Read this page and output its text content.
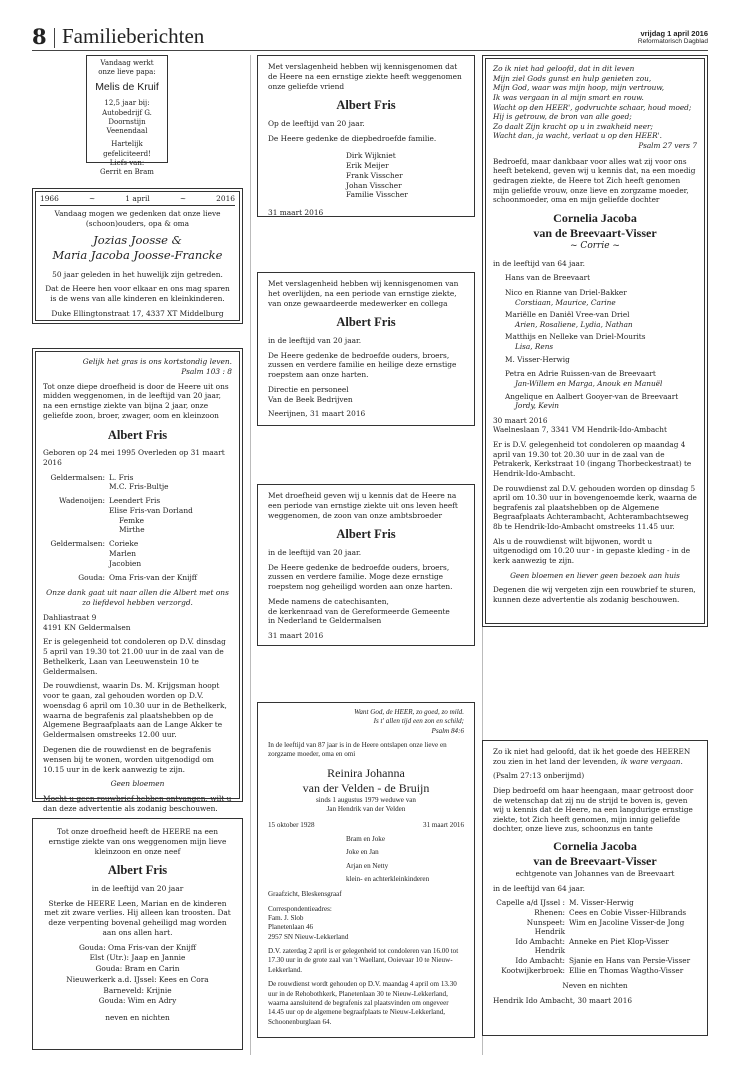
8 Familieberichten	vrijdag 1 april 2016
Reformatorisch Dagblad
Vandaag werkt
onze lieve papa:
Melis de Kruif
12,5 jaar bij:
Autobedrijf G. Doornstijn
Veenendaal
Hartelijk gefeliciteerd!
Liefs van:
Gerrit en Bram
1966	~	1 april	~	2016

Vandaag mogen we gedenken dat onze lieve (schoon)ouders, opa & oma

Jozias Joosse &
Maria Jacoba Joosse-Francke

50 jaar geleden in het huwelijk zijn getreden.

Dat de Heere hen voor elkaar en ons mag sparen is de wens van alle kinderen en kleinkinderen.

Duke Ellingtonstraat 17, 4337 XT Middelburg
Gelijk het gras is ons kortstondig leven.
Psalm 103 : 8

Tot onze diepe droefheid is door de Heere uit ons midden weggenomen, in de leeftijd van 20 jaar, na een ernstige ziekte van bijna 2 jaar, onze geliefde zoon, broer, zwager, oom en kleinzoon

Albert Fris

Geboren op 24 mei 1995 Overleden op 31 maart 2016

Geldermalsen: L. Fris
M.C. Fris-Bultje
Wadenoijen: Leendert Fris
Elise Fris-van Dorland
Femke
Mirthe
Geldermalsen: Corieke
Marlen
Jacobien
Gouda: Oma Fris-van der Knijff

Onze dank gaat uit naar allen die Albert met ons zo liefdevol hebben verzorgd.

Dahliastraat 9

4191 KN Geldermalsen

Er is gelegenheid tot condoleren op D.V. dinsdag 5 april van 19.30 tot 21.00 uur in de zaal van de Bethelkerk, Laan van Leeuwenstein 10 te Geldermalsen.

De rouwdienst, waarin Ds. M. Krijgsman hoopt voor te gaan, zal gehouden worden op D.V. woensdag 6 april om 10.30 uur in de Bethelkerk, waarna de begrafenis zal plaatshebben op de Algemene Begraafplaats aan de Lange Akker te Geldermalsen omstreeks 12.00 uur.

Degenen die de rouwdienst en de begrafenis wensen bij te wonen, worden uitgenodigd om 10.15 uur in de kerk aanwezig te zijn.

Geen bloemen

Mocht u geen rouwbrief hebben ontvangen, wilt u dan deze advertentie als zodanig beschouwen.

Tot onze droefheid heeft de HEERE na een ernstige ziekte van ons weggenomen mijn lieve kleinzoon en onze neef

Albert Fris

in de leeftijd van 20 jaar

Sterke de HEERE Leen, Marian en de kinderen met zit zware verlies. Hij alleen kan troosten. Dat deze verpenting bovenal geheiligd mag worden aan ons allen hart.

Gouda: Oma Fris-van der Knijff
Elst (Utr.): Jaap en Jannie
Gouda: Bram en Carin
Nieuwerkerk a.d. IJssel: Kees en Cora
Barneveld: Krijnie
Gouda: Wim en Adry
neven en nichten

Met verslagenheid hebben wij kennisgenomen dat de Heere na een ernstige ziekte heeft weggenomen onze geliefde vriend

Albert Fris

Op de leeftijd van 20 jaar.

De Heere gedenke de diepbedroefde familie.

Dirk Wijkniet
Erik Meijer
Frank Visscher
Johan Visscher
Familie Visscher
31 maart 2016

Met verslagenheid hebben wij kennisgenomen van het overlijden, na een periode van ernstige ziekte, van onze gewaardeerde medewerker en collega

Albert Fris

in de leeftijd van 20 jaar.

De Heere gedenke de bedroefde ouders, broers, zussen en verdere familie en heilige deze ernstige roepstem aan onze harten.

Directie en personeel

Van de Beek Bedrijven

Neerijnen, 31 maart 2016

Met droefheid geven wij u kennis dat de Heere na een periode van ernstige ziekte uit ons leven heeft weggenomen, de zoon van onze ambtsbroeder

Albert Fris

in de leeftijd van 20 jaar.

De Heere gedenke de bedroefde ouders, broers, zussen en verdere familie. Moge deze ernstige roepstem nog geheiligd worden aan onze harten.

Mede namens de catechisanten,
de kerkenraad van de Gereformeerde Gemeente

in Nederland te Geldermalsen

31 maart 2016
Want God, de HEER, zo goed, zo mild.
Is t' allen tijd een zon en schild;
Psalm 84:6

In de leeftijd van 87 jaar is in de Heere ontslapen onze lieve en zorgzame moeder, oma en omi

Reinira Johanna
van der Velden - de Bruijn
sinds 1 augustus 1979 weduwe van
Jan Hendrik van der Velden
15 oktober 1928	31 maart 2016
Bram en Joke
Joke en Jan
Arjan en Netty
klein- en achterkleinkinderen

Graafzicht, Bleskensgraaf

Correspondentieadres:
Fam. J. Slob
Planetenlaan 46

2957 SN Nieuw-Lekkerland

D.V. zaterdag 2 april is er gelegenheid tot condoleren van 16.00 tot 17.30 uur in de grote zaal van 't Waellant, Ooievaar 10 te Nieuw-Lekkerland.

De rouwdienst wordt gehouden op D.V. maandag 4 april om 13.30 uur in de Rehobothkerk, Planetenlaan 30 te Nieuw-Lekkerland, waarna aansluitend de begrafenis zal plaatsvinden om ongeveer 14.45 uur op de algemene begraafplaats te Nieuw-Lekkerland, Schoonenburglaan 64.

Zo ik niet had geloofd, dat in dit leven
Mijn ziel Gods gunst en hulp genieten zou,
Mijn God, waar was mijn hoop, mijn vertrouw,
Ik was vergaan in al mijn smart en rouw.
Wacht op den HEER', godvruchte schaar, houd moed;
Hij is getrouw, de bron van alle goed;
Zo daalt Zijn kracht op u in zwakheid neer;
Wacht dan, ja wacht, verlaat u op den HEER'.
Psalm 27 vers 7

Bedroefd, maar dankbaar voor alles wat zij voor ons heeft betekend, geven wij u kennis dat, na een moedig gedragen ziekte, de Heere tot Zich heeft genomen mijn geliefde vrouw, onze lieve en zorgzame moeder, schoonmoeder, oma en mijn geliefde dochter

Cornelia Jacoba
van de Breevaart-Visser
~ Corrie ~

in de leeftijd van 64 jaar.

Hans van de Breevaart
Nico en Rianne van Driel-Bakker
Corstiaan, Maurice, Carine
Mariëlle en Daniël Vree-van Driel
Arien, Rosaliene, Lydia, Nathan
Matthijs en Nelleke van Driel-Mourits
Lisa, Rens
M. Visser-Herwig
Petra en Adrie Ruissen-van de Breevaart
Jan-Willem en Marga, Anouk en Manuël
Angelique en Aalbert Gooyer-van de Breevaart
Jordy, Kevin
30 maart 2016

Waelneslaan 7, 3341 VM Hendrik-Ido-Ambacht

Er is D.V. gelegenheid tot condoleren op maandag 4 april van 19.30 tot 20.30 uur in de zaal van de Petrakerk, Kerkstraat 10 (ingang Thorbeckestraat) te Hendrik-Ido-Ambacht.

De rouwdienst zal D.V. gehouden worden op dinsdag 5 april om 10.30 uur in bovengenoemde kerk, waarna de begrafenis zal plaatshebben op de Algemene Begraafplaats Achterambacht, Achterambachtseweg 8b te Hendrik-Ido-Ambacht omstreeks 11.45 uur.

Als u de rouwdienst wilt bijwonen, wordt u uitgenodigd om 10.20 uur - in gepaste kleding - in de kerk aanwezig te zijn.

Geen bloemen en liever geen bezoek aan huis

Degenen die wij vergeten zijn een rouwbrief te sturen, kunnen deze advertentie als zodanig beschouwen.

Zo ik niet had geloofd, dat ik het goede des HEEREN zou zien in het land der levenden, ik ware vergaan.

(Psalm 27:13 onberijmd)

Diep bedroefd om haar heengaan, maar getroost door de wetenschap dat zij nu de strijd te boven is, geven wij u kennis dat de Heere, na een langdurige ernstige ziekte, tot Zich heeft genomen, mijn innig geliefde dochter, onze lieve zus, schoonzus en tante

Cornelia Jacoba
van de Breevaart-Visser

echtgenote van Johannes van de Breevaart

in de leeftijd van 64 jaar.

Capelle a/d IJssel : M. Visser-Herwig
Rhenen: Cees en Cobie Visser-Hilbrands
Nunspeet: Wim en Jacoline Visser-de Jong
Hendrik
Ido Ambacht: Anneke en Piet Klop-Visser
Hendrik
Ido Ambacht: Sjanie en Hans van Persie-Visser
Kootwijkerbroek: Ellie en Thomas Wagtho-Visser

Neven en nichten

Hendrik Ido Ambacht, 30 maart 2016
